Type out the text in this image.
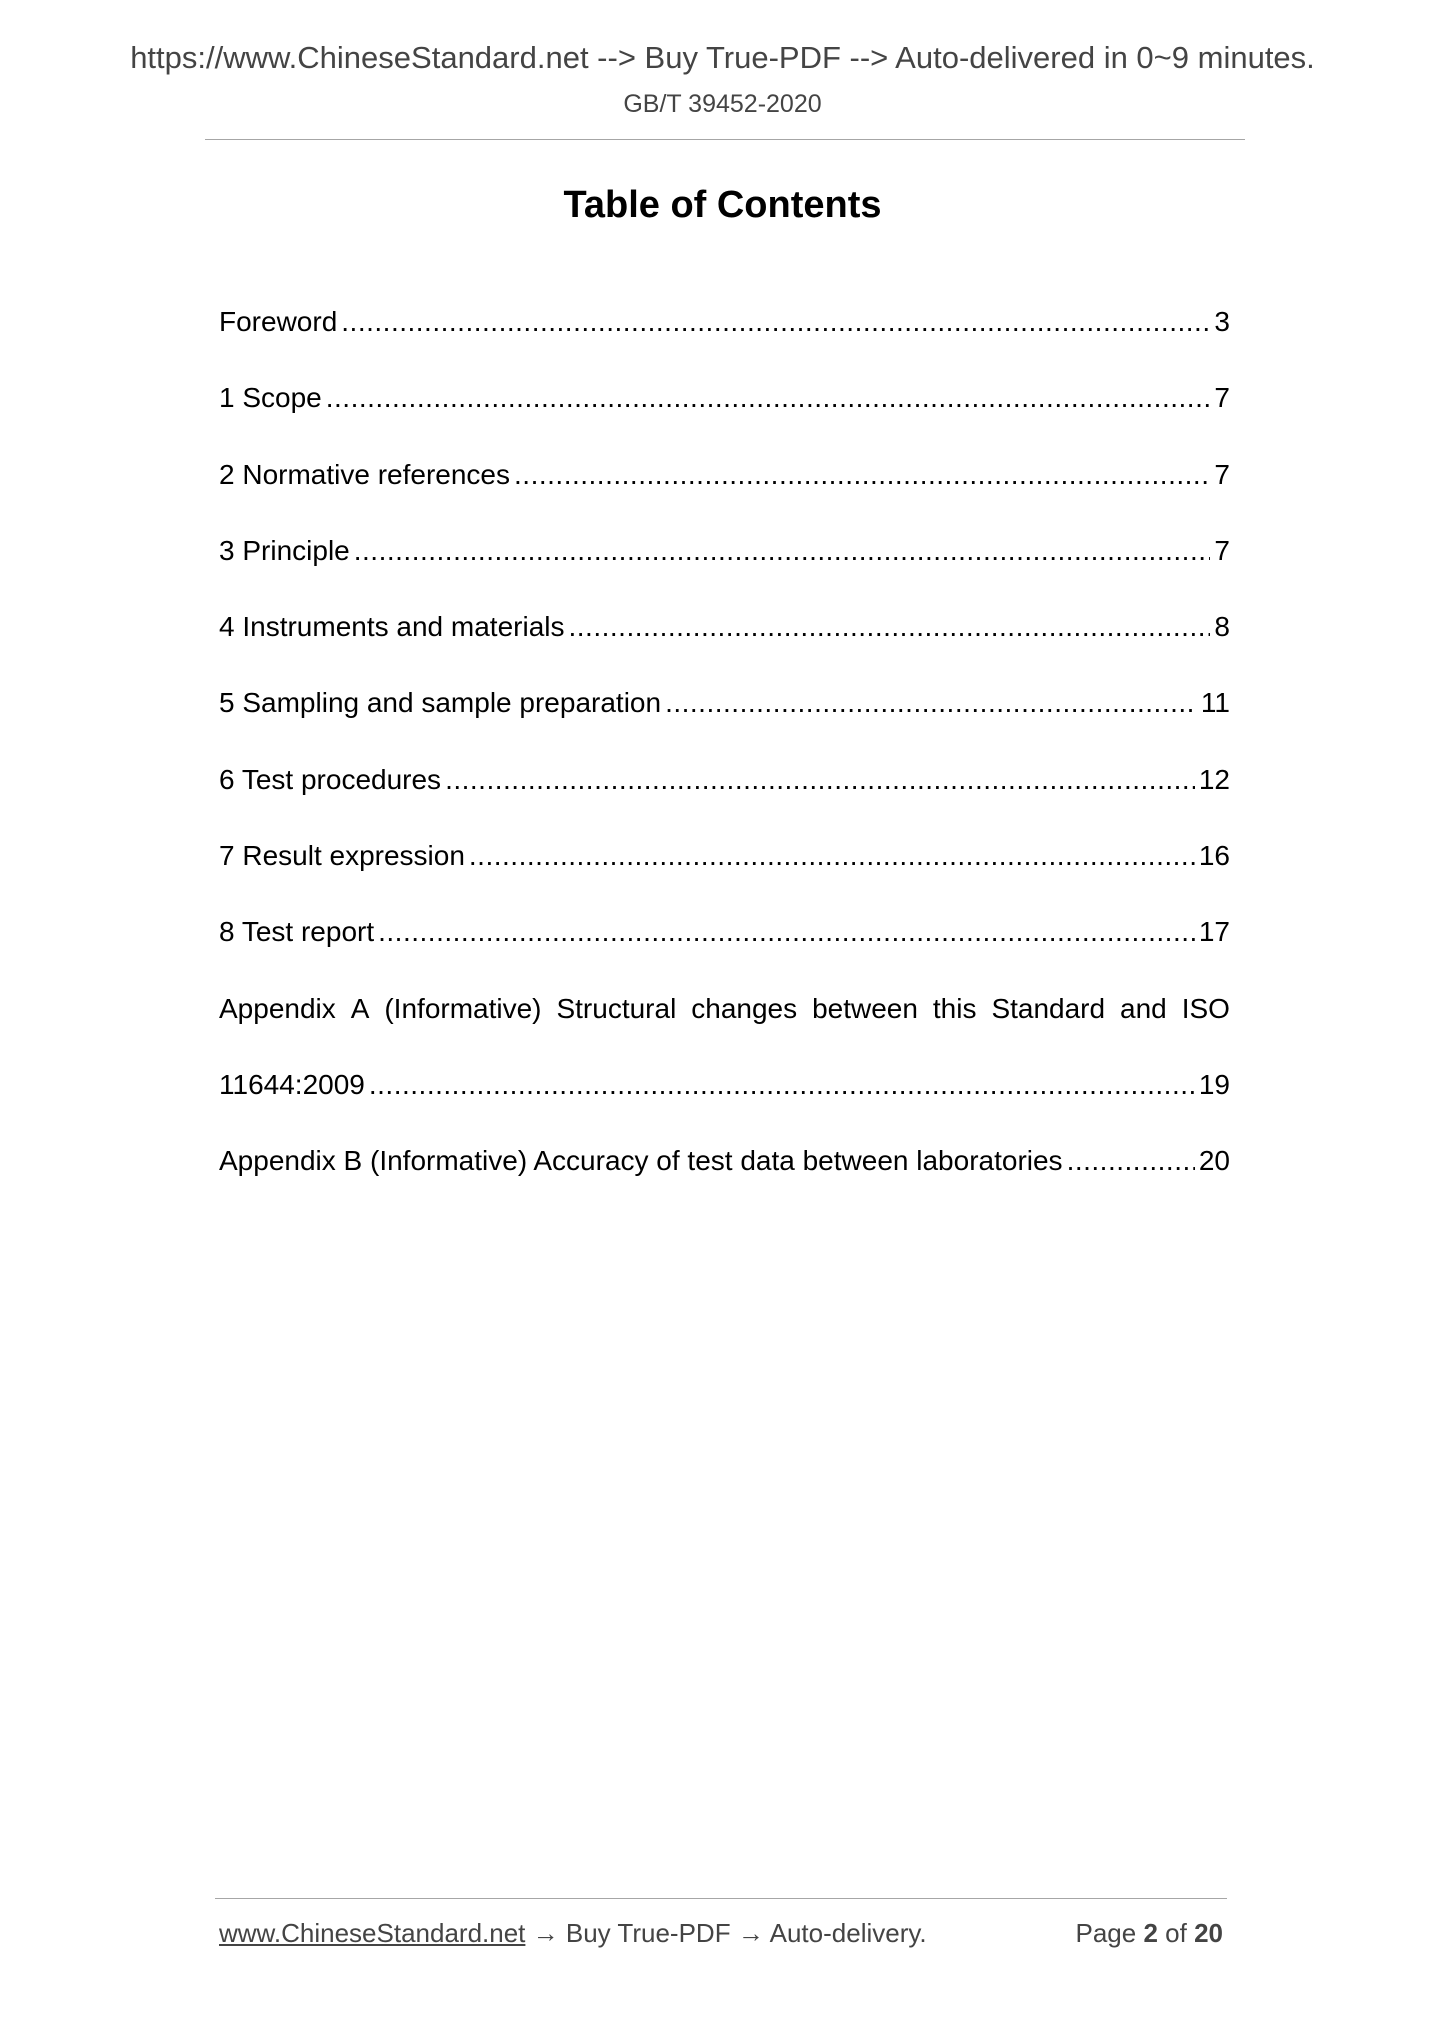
https://www.ChineseStandard.net --> Buy True-PDF --> Auto-delivered in 0~9 minutes.
GB/T 39452-2020
Table of Contents
Foreword .....	3
1 Scope .....	7
2 Normative references .....	7
3 Principle .....	7
4 Instruments and materials .....	8
5 Sampling and sample preparation .....	11
6 Test procedures .....	12
7 Result expression .....	16
8 Test report .....	17
Appendix A (Informative) Structural changes between this Standard and ISO
11644:2009 .....	19
Appendix B (Informative) Accuracy of test data between laboratories .....	20
www.ChineseStandard.net → Buy True-PDF → Auto-delivery.	Page 2 of 20
